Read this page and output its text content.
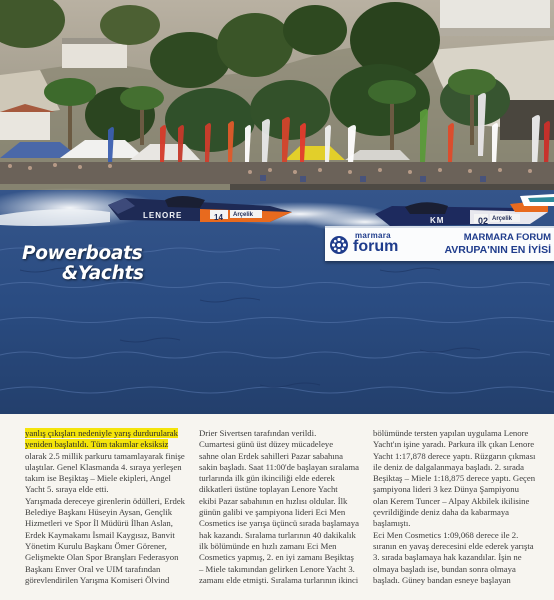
LENORE	14 Arçelik
KM	02 Arçelik
marmara
forum
MARMARA FORUM
AVRUPA'NIN EN İYİSİ
Powerboats
&Yachts

yanlış çıkışları nedeniyle yarış durdurularak

yeniden başlatıldı. Tüm takımlar eksiksiz

olarak 2.5 millik parkuru tamamlayarak finişe

ulaştılar. Genel Klasmanda 4. sıraya yerleşen

takım ise Beşiktaş – Miele ekipleri, Angel

Yacht 5. sıraya elde etti.

Yarışmada dereceye girenlerin ödülleri, Erdek

Belediye Başkanı Hüseyin Aysan, Gençlik

Hizmetleri ve Spor İl Müdürü İlhan Aslan,

Erdek Kaymakamı İsmail Kaygısız, Banvit

Yönetim Kurulu Başkanı Ömer Görener,

Gelişmekte Olan Spor Branşları Federasyon

Başkanı Enver Oral ve UIM tarafından

görevlendirilen Yarışma Komiseri Ölvind

Drier Sivertsen tarafından verildi.

Cumartesi günü üst düzey mücadeleye

sahne olan Erdek sahilleri Pazar sabahına

sakin başladı. Saat 11:00'de başlayan sıralama

turlarında ilk gün ikinciliği elde ederek

dikkatleri üstüne toplayan Lenore Yacht

ekibi Pazar sabahının en hızlısı oldular. İlk

günün galibi ve şampiyona lideri Eci Men

Cosmetics ise yarışa üçüncü sırada başlamaya

hak kazandı. Sıralama turlarının 40 dakikalık

ilk bölümünde en hızlı zamanı Eci Men

Cosmetics yapmış, 2. en iyi zamanı Beşiktaş

– Miele takımından gelirken Lenore Yacht 3.

zamanı elde etmişti. Sıralama turlarının ikinci

bölümünde tersten yapılan uygulama Lenore

Yacht'ın işine yaradı. Parkura ilk çıkan Lenore

Yacht 1:17,878 derece yaptı. Rüzgarın çıkması

ile deniz de dalgalanmaya başladı. 2. sırada

Beşiktaş – Miele 1:18,875 derece yaptı. Geçen

şampiyona lideri 3 kez Dünya Şampiyonu

olan Kerem Tuncer – Alpay Akbilek ikilisine

çevrildiğinde deniz daha da kabarmaya

başlamıştı.

Eci Men Cosmetics 1:09,068 derece ile 2.

sıranın en yavaş derecesini elde ederek yarışta

3. sırada başlamaya hak kazandılar. İşin ne

olmaya başladı ise, bundan sonra olmaya

başladı. Güney bandan esneye başlayan
